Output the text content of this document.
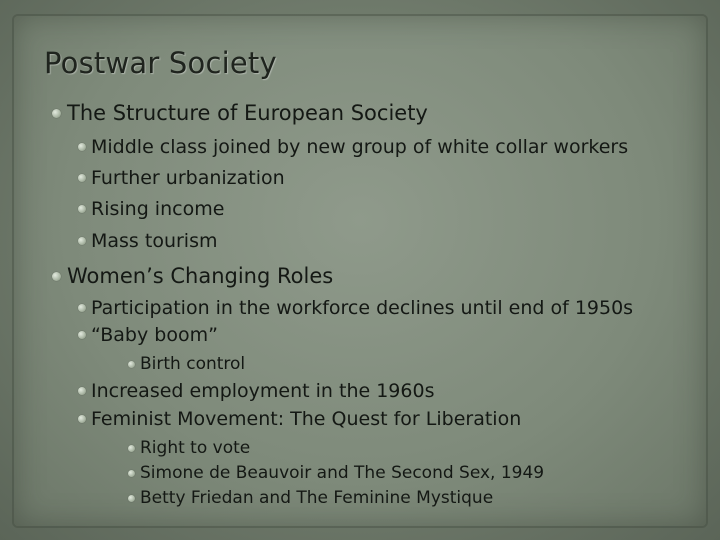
Postwar Society
The Structure of European Society
Middle class joined by new group of white collar workers
Further urbanization
Rising income
Mass tourism
Women’s Changing Roles
Participation in the workforce declines until end of 1950s
“Baby boom”
Birth control
Increased employment in the 1960s
Feminist Movement: The Quest for Liberation
Right to vote
Simone de Beauvoir and The Second Sex, 1949
Betty Friedan and The Feminine Mystique
